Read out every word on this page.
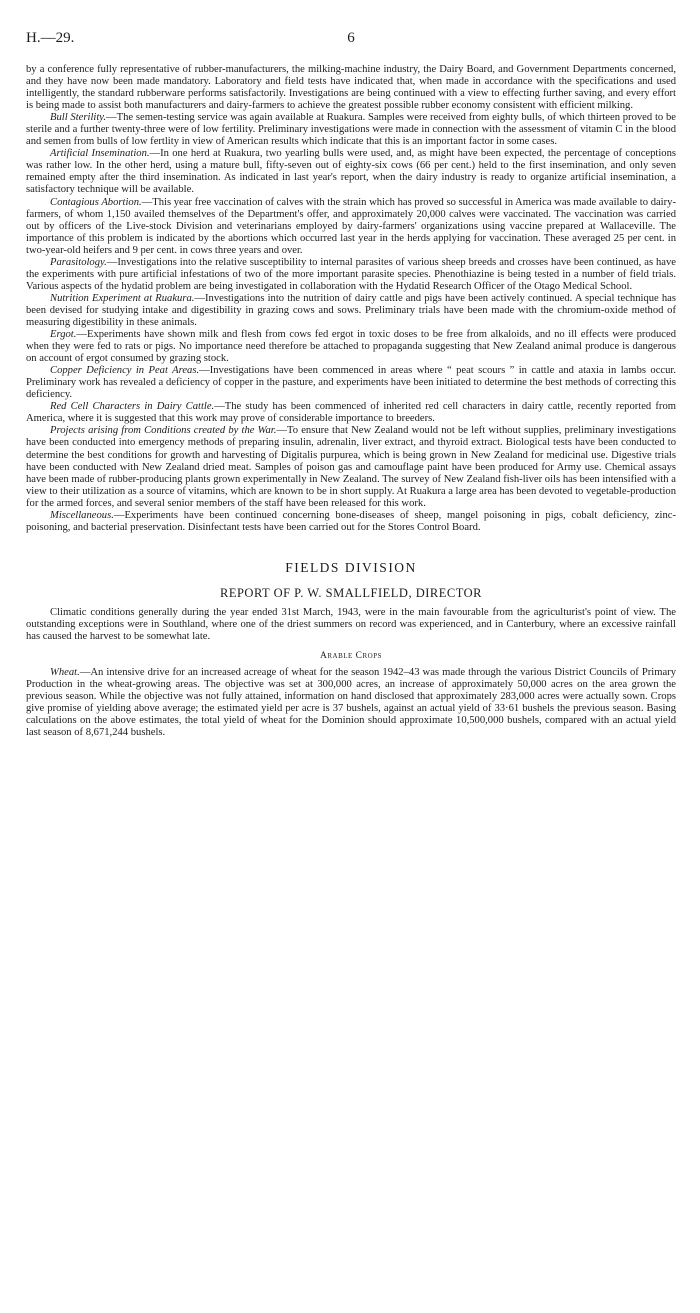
H.—29.	6

by a conference fully representative of rubber-manufacturers, the milking-machine industry, the Dairy Board, and Government Departments concerned, and they have now been made mandatory. Laboratory and field tests have indicated that, when made in accordance with the specifications and used intelligently, the standard rubberware performs satisfactorily. Investigations are being continued with a view to effecting further saving, and every effort is being made to assist both manufacturers and dairy-farmers to achieve the greatest possible rubber economy consistent with efficient milking.

Bull Sterility.—The semen-testing service was again available at Ruakura. Samples were received from eighty bulls, of which thirteen proved to be sterile and a further twenty-three were of low fertility. Preliminary investigations were made in connection with the assessment of vitamin C in the blood and semen from bulls of low fertlity in view of American results which indicate that this is an important factor in some cases.

Artificial Insemination.—In one herd at Ruakura, two yearling bulls were used, and, as might have been expected, the percentage of conceptions was rather low. In the other herd, using a mature bull, fifty-seven out of eighty-six cows (66 per cent.) held to the first insemination, and only seven remained empty after the third insemination. As indicated in last year's report, when the dairy industry is ready to organize artificial insemination, a satisfactory technique will be available.

Contagious Abortion.—This year free vaccination of calves with the strain which has proved so successful in America was made available to dairy-farmers, of whom 1,150 availed themselves of the Department's offer, and approximately 20,000 calves were vaccinated. The vaccination was carried out by officers of the Live-stock Division and veterinarians employed by dairy-farmers' organizations using vaccine prepared at Wallaceville. The importance of this problem is indicated by the abortions which occurred last year in the herds applying for vaccination. These averaged 25 per cent. in two-year-old heifers and 9 per cent. in cows three years and over.

Parasitology.—Investigations into the relative susceptibility to internal parasites of various sheep breeds and crosses have been continued, as have the experiments with pure artificial infestations of two of the more important parasite species. Phenothiazine is being tested in a number of field trials. Various aspects of the hydatid problem are being investigated in collaboration with the Hydatid Research Officer of the Otago Medical School.

Nutrition Experiment at Ruakura.—Investigations into the nutrition of dairy cattle and pigs have been actively continued. A special technique has been devised for studying intake and digestibility in grazing cows and sows. Preliminary trials have been made with the chromium-oxide method of measuring digestibility in these animals.

Ergot.—Experiments have shown milk and flesh from cows fed ergot in toxic doses to be free from alkaloids, and no ill effects were produced when they were fed to rats or pigs. No importance need therefore be attached to propaganda suggesting that New Zealand animal produce is dangerous on account of ergot consumed by grazing stock.

Copper Deficiency in Peat Areas.—Investigations have been commenced in areas where “ peat scours ” in cattle and ataxia in lambs occur. Preliminary work has revealed a deficiency of copper in the pasture, and experiments have been initiated to determine the best methods of correcting this deficiency.

Red Cell Characters in Dairy Cattle.—The study has been commenced of inherited red cell characters in dairy cattle, recently reported from America, where it is suggested that this work may prove of considerable importance to breeders.

Projects arising from Conditions created by the War.—To ensure that New Zealand would not be left without supplies, preliminary investigations have been conducted into emergency methods of preparing insulin, adrenalin, liver extract, and thyroid extract. Biological tests have been conducted to determine the best conditions for growth and harvesting of Digitalis purpurea, which is being grown in New Zealand for medicinal use. Digestive trials have been conducted with New Zealand dried meat. Samples of poison gas and camouflage paint have been produced for Army use. Chemical assays have been made of rubber-producing plants grown experimentally in New Zealand. The survey of New Zealand fish-liver oils has been intensified with a view to their utilization as a source of vitamins, which are known to be in short supply. At Ruakura a large area has been devoted to vegetable-production for the armed forces, and several senior members of the staff have been released for this work.

Miscellaneous.—Experiments have been continued concerning bone-diseases of sheep, mangel poisoning in pigs, cobalt deficiency, zinc-poisoning, and bacterial preservation. Disinfectant tests have been carried out for the Stores Control Board.

FIELDS DIVISION
REPORT OF P. W. SMALLFIELD, DIRECTOR

Climatic conditions generally during the year ended 31st March, 1943, were in the main favourable from the agriculturist's point of view. The outstanding exceptions were in Southland, where one of the driest summers on record was experienced, and in Canterbury, where an excessive rainfall has caused the harvest to be somewhat late.

Arable Crops

Wheat.—An intensive drive for an increased acreage of wheat for the season 1942–43 was made through the various District Councils of Primary Production in the wheat-growing areas. The objective was set at 300,000 acres, an increase of approximately 50,000 acres on the area grown the previous season. While the objective was not fully attained, information on hand disclosed that approximately 283,000 acres were actually sown. Crops give promise of yielding above average; the estimated yield per acre is 37 bushels, against an actual yield of 33·61 bushels the previous season. Basing calculations on the above estimates, the total yield of wheat for the Dominion should approximate 10,500,000 bushels, compared with an actual yield last season of 8,671,244 bushels.
